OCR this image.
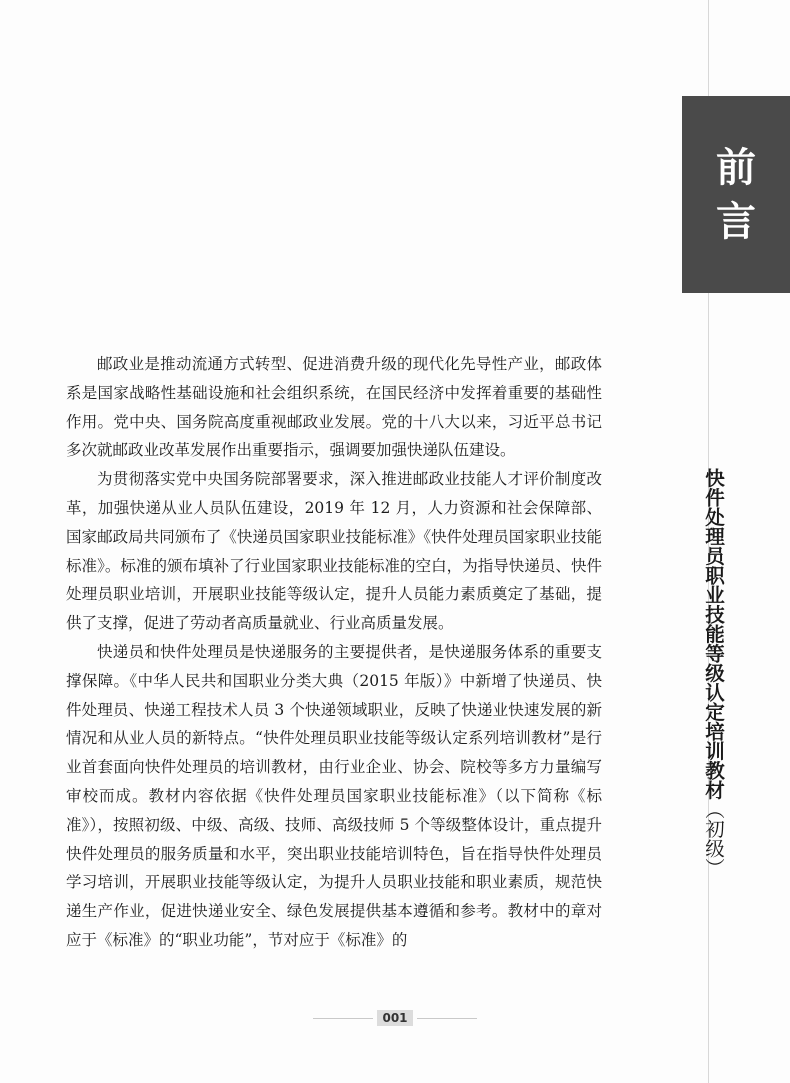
前
言
快件处理员职业技能等级认定培训教材（初级）

邮政业是推动流通方式转型、促进消费升级的现代化先导性产业，邮政体系是国家战略性基础设施和社会组织系统，在国民经济中发挥着重要的基础性作用。党中央、国务院高度重视邮政业发展。党的十八大以来，习近平总书记多次就邮政业改革发展作出重要指示，强调要加强快递队伍建设。

为贯彻落实党中央国务院部署要求，深入推进邮政业技能人才评价制度改革，加强快递从业人员队伍建设，2019 年 12 月，人力资源和社会保障部、国家邮政局共同颁布了《快递员国家职业技能标准》《快件处理员国家职业技能标准》。标准的颁布填补了行业国家职业技能标准的空白，为指导快递员、快件处理员职业培训，开展职业技能等级认定，提升人员能力素质奠定了基础，提供了支撑，促进了劳动者高质量就业、行业高质量发展。

快递员和快件处理员是快递服务的主要提供者，是快递服务体系的重要支撑保障。《中华人民共和国职业分类大典（2015 年版）》中新增了快递员、快件处理员、快递工程技术人员 3 个快递领域职业，反映了快递业快速发展的新情况和从业人员的新特点。“快件处理员职业技能等级认定系列培训教材”是行业首套面向快件处理员的培训教材，由行业企业、协会、院校等多方力量编写审校而成。教材内容依据《快件处理员国家职业技能标准》（以下简称《标准》），按照初级、中级、高级、技师、高级技师 5 个等级整体设计，重点提升快件处理员的服务质量和水平，突出职业技能培训特色，旨在指导快件处理员学习培训，开展职业技能等级认定，为提升人员职业技能和职业素质，规范快递生产作业，促进快递业安全、绿色发展提供基本遵循和参考。教材中的章对应于《标准》的“职业功能”，节对应于《标准》的

001
